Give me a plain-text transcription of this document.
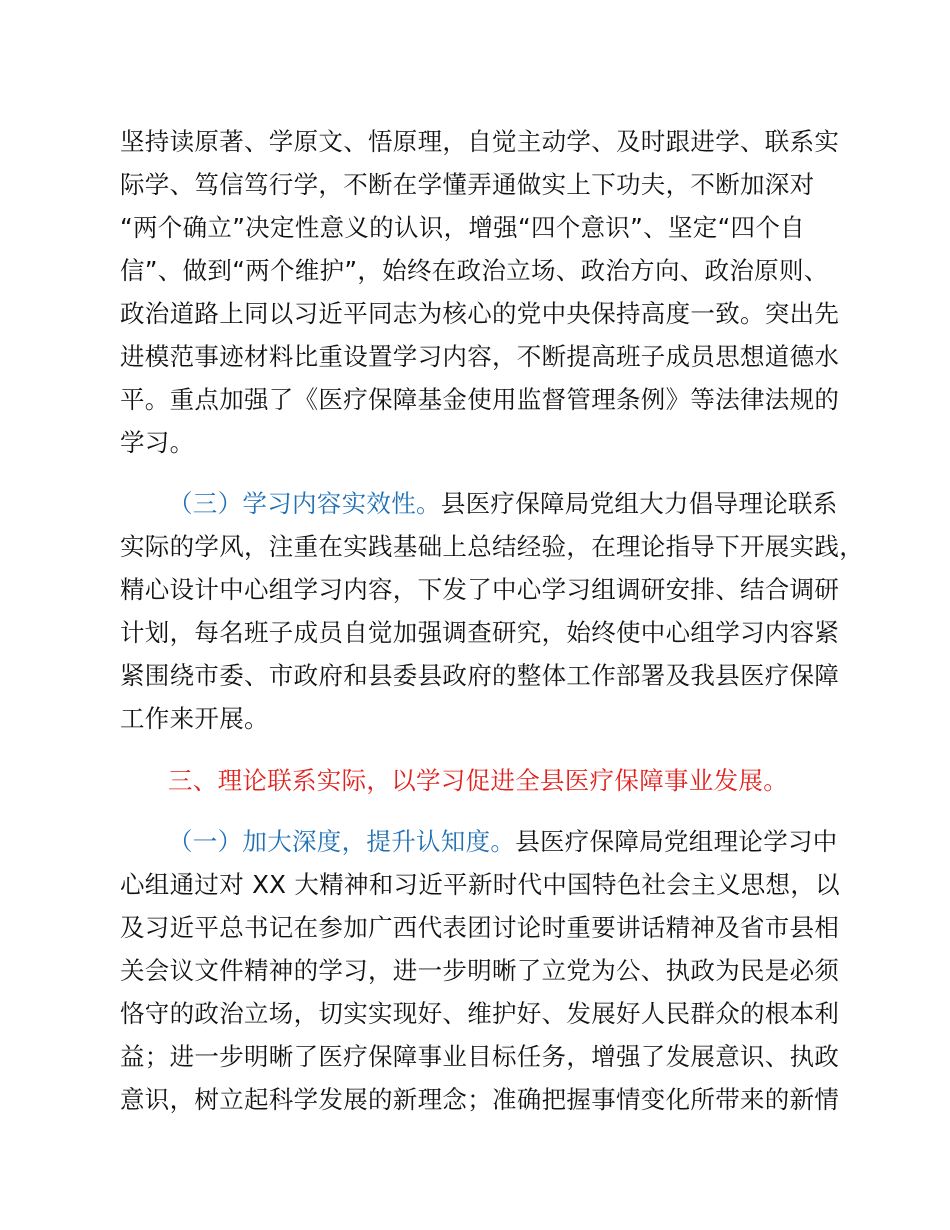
坚持读原著、学原文、悟原理，自觉主动学、及时跟进学、联系实
际学、笃信笃行学，不断在学懂弄通做实上下功夫，不断加深对
“两个确立”决定性意义的认识，增强“四个意识”、坚定“四个自
信”、做到“两个维护”，始终在政治立场、政治方向、政治原则、
政治道路上同以习近平同志为核心的党中央保持高度一致。突出先
进模范事迹材料比重设置学习内容，不断提高班子成员思想道德水
平。重点加强了《医疗保障基金使用监督管理条例》等法律法规的
学习。
（三）学习内容实效性。县医疗保障局党组大力倡导理论联系
实际的学风，注重在实践基础上总结经验，在理论指导下开展实践，
精心设计中心组学习内容，下发了中心学习组调研安排、结合调研
计划，每名班子成员自觉加强调查研究，始终使中心组学习内容紧
紧围绕市委、市政府和县委县政府的整体工作部署及我县医疗保障
工作来开展。
三、理论联系实际，以学习促进全县医疗保障事业发展。
（一）加大深度，提升认知度。县医疗保障局党组理论学习中
心组通过对 XX 大精神和习近平新时代中国特色社会主义思想，以
及习近平总书记在参加广西代表团讨论时重要讲话精神及省市县相
关会议文件精神的学习，进一步明晰了立党为公、执政为民是必须
恪守的政治立场，切实实现好、维护好、发展好人民群众的根本利
益；进一步明晰了医疗保障事业目标任务，增强了发展意识、执政
意识，树立起科学发展的新理念；准确把握事情变化所带来的新情
